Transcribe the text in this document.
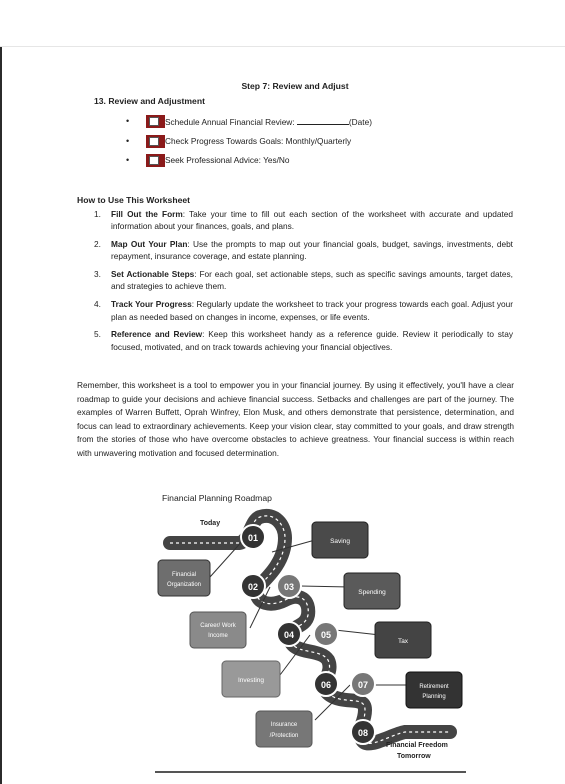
Step 7: Review and Adjust
13. Review and Adjustment
•	Schedule Annual Financial Review:	(Date)
•	Check Progress Towards Goals: Monthly/Quarterly
•	Seek Professional Advice: Yes/No
How to Use This Worksheet
1. Fill Out the Form: Take your time to fill out each section of the worksheet with accurate and updated information about your finances, goals, and plans.
2. Map Out Your Plan: Use the prompts to map out your financial goals, budget, savings, investments, debt repayment, insurance coverage, and estate planning.
3. Set Actionable Steps: For each goal, set actionable steps, such as specific savings amounts, target dates, and strategies to achieve them.
4. Track Your Progress: Regularly update the worksheet to track your progress towards each goal. Adjust your plan as needed based on changes in income, expenses, or life events.
5. Reference and Review: Keep this worksheet handy as a reference guide. Review it periodically to stay focused, motivated, and on track towards achieving your financial objectives.
Remember, this worksheet is a tool to empower you in your financial journey. By using it effectively, you'll have a clear roadmap to guide your decisions and achieve financial success. Setbacks and challenges are part of the journey. The examples of Warren Buffett, Oprah Winfrey, Elon Musk, and others demonstrate that persistence, determination, and focus can lead to extraordinary achievements. Keep your vision clear, stay committed to your goals, and draw strength from the stories of those who have overcome obstacles to achieve greatness. Your financial success is within reach with unwavering motivation and focused determination.
Financial Planning Roadmap
Today
Financial Freedom
Tomorrow
Saving
Financial
Organization
Spending
Career/ Work
Income
Tax
Investing
Retirement
Planning
Insurance
/Protection
01
02	03
04	05
06	07
08
